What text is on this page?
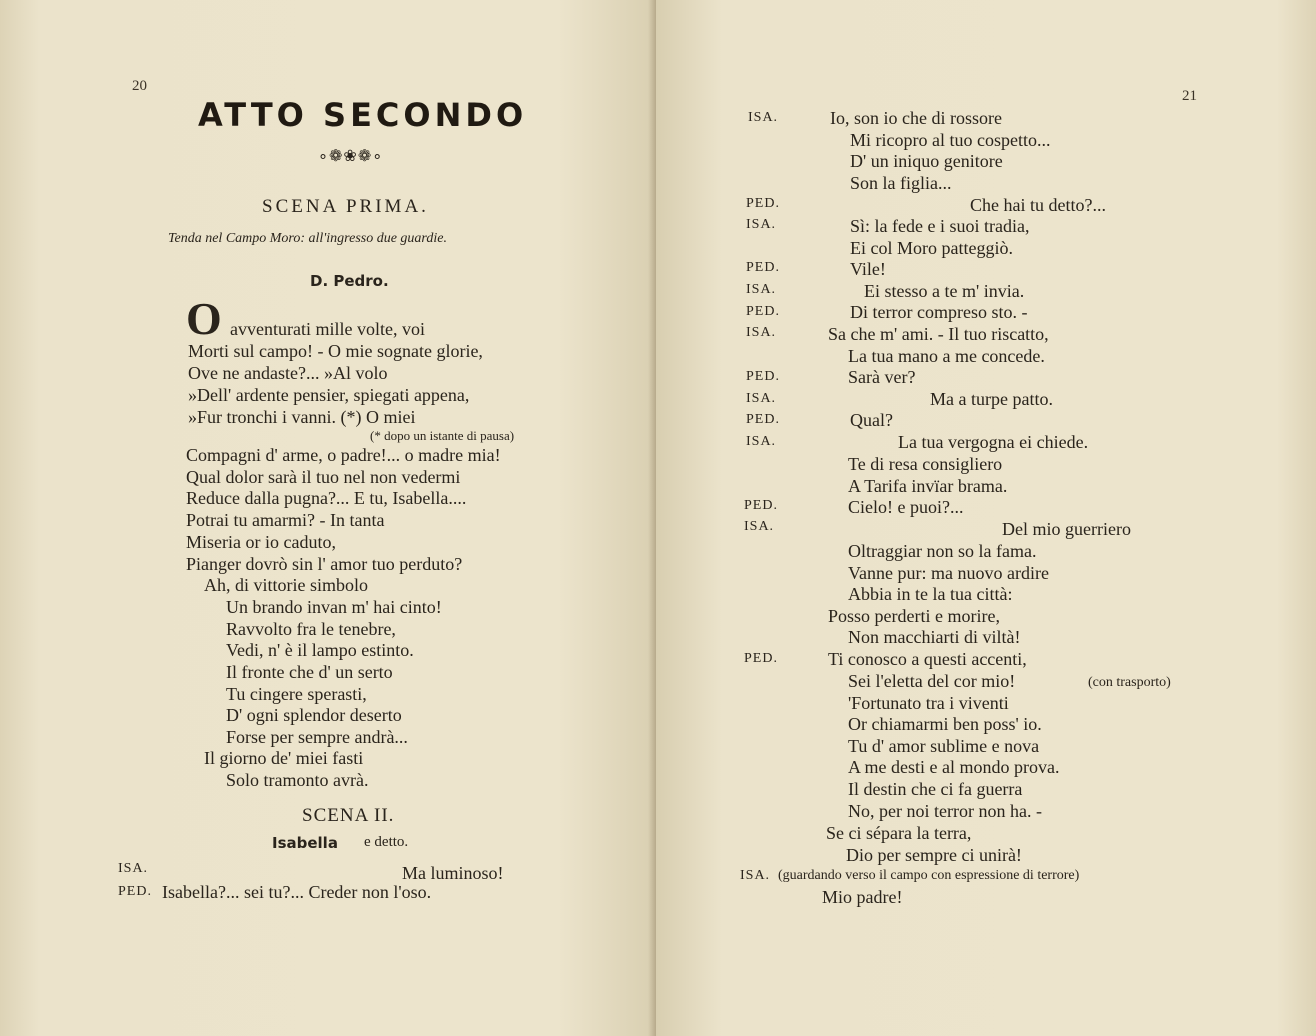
20
ATTO SECONDO
∘❁❀❁∘
SCENA PRIMA.
Tenda nel Campo Moro: all'ingresso due guardie.
D. Pedro.
O avventurati mille volte, voi
Morti sul campo! - O mie sognate glorie,
Ove ne andaste?... »Al volo
»Dell' ardente pensier, spiegati appena,
»Fur tronchi i vanni. (*) O miei
(* dopo un istante di pausa)
Compagni d' arme, o padre!... o madre mia!
Qual dolor sarà il tuo nel non vedermi
Reduce dalla pugna?... E tu, Isabella....
Potrai tu amarmi? - In tanta
Miseria or io caduto,
Pianger dovrò sin l' amor tuo perduto?
Ah, di vittorie simbolo
Un brando invan m' hai cinto!
Ravvolto fra le tenebre,
Vedi, n' è il lampo estinto.
Il fronte che d' un serto
Tu cingere sperasti,
D' ogni splendor deserto
Forse per sempre andrà...
Il giorno de' miei fasti
Solo tramonto avrà.
SCENA II.
Isabella e detto.
ISA.	Ma luminoso!
PED. Isabella?... sei tu?... Creder non l'oso.
21
ISA.	Io, son io che di rossore
Mi ricopro al tuo cospetto...
D' un iniquo genitore
Son la figlia...
PED.	Che hai tu detto?...
ISA.	Sì: la fede e i suoi tradia,
Ei col Moro patteggiò.
PED.	Vile!
ISA.	Ei stesso a te m' invia.
PED.	Di terror compreso sto. -
ISA.	Sa che m' ami. - Il tuo riscatto,
La tua mano a me concede.
PED.	Sarà ver?
ISA.	Ma a turpe patto.
PED.	Qual?
ISA.	La tua vergogna ei chiede.
Te di resa consigliero
A Tarifa invïar brama.
PED.	Cielo! e puoi?...
ISA.	Del mio guerriero
Oltraggiar non so la fama.
Vanne pur: ma nuovo ardire
Abbia in te la tua città:
Posso perderti e morire,
Non macchiarti di viltà!
PED.	Ti conosco a questi accenti,
Sei l'eletta del cor mio!	(con trasporto)
'Fortunato tra i viventi
Or chiamarmi ben poss' io.
Tu d' amor sublime e nova
A me desti e al mondo prova.
Il destin che ci fa guerra
No, per noi terror non ha. -
Se ci sépara la terra,
Dio per sempre ci unirà!
ISA. (guardando verso il campo con espressione di terrore)
Mio padre!
